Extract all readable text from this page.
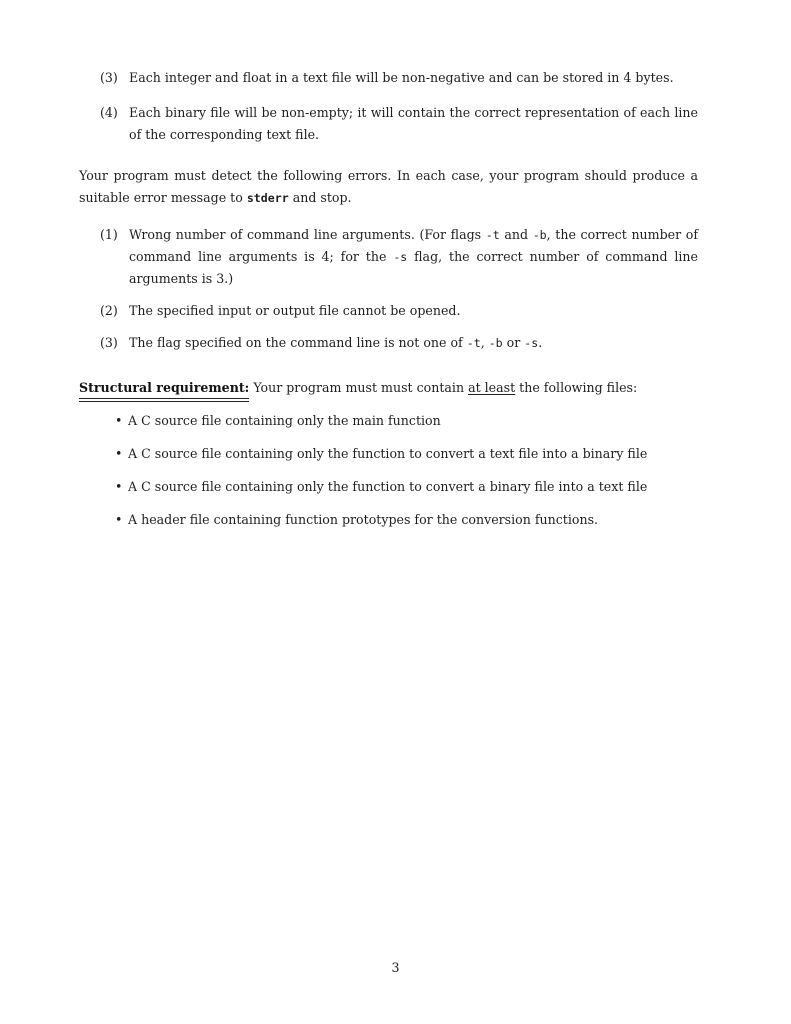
(3) Each integer and float in a text file will be non-negative and can be stored in 4 bytes.
(4) Each binary file will be non-empty; it will contain the correct representation of each line of the corresponding text file.

Your program must detect the following errors. In each case, your program should produce a suitable error message to stderr and stop.

(1) Wrong number of command line arguments. (For flags -t and -b, the correct number of command line arguments is 4; for the -s flag, the correct number of command line arguments is 3.)
(2) The specified input or output file cannot be opened.
(3) The flag specified on the command line is not one of -t, -b or -s.

Structural requirement: Your program must must contain at least the following files:

• A C source file containing only the main function
• A C source file containing only the function to convert a text file into a binary file
• A C source file containing only the function to convert a binary file into a text file
• A header file containing function prototypes for the conversion functions.
3
